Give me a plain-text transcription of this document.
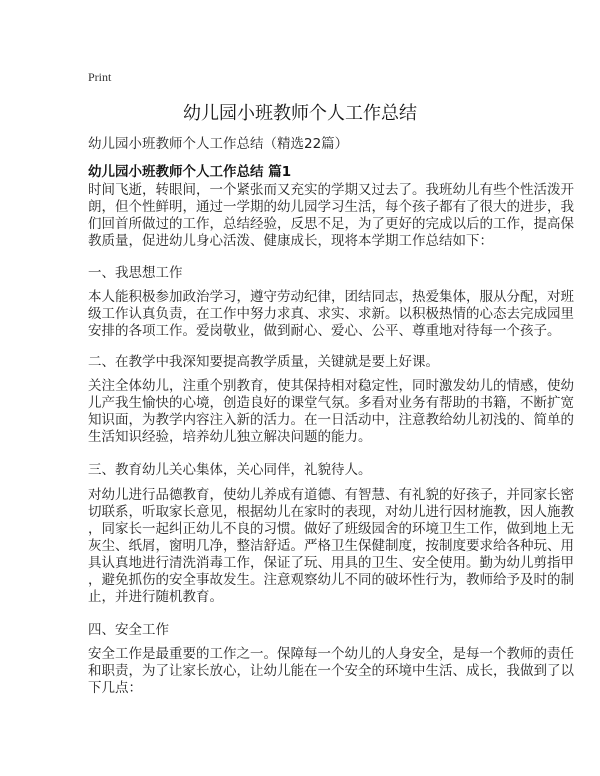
Print
幼儿园小班教师个人工作总结
幼儿园小班教师个人工作总结（精选22篇）
幼儿园小班教师个人工作总结 篇1
时间飞逝，转眼间，一个紧张而又充实的学期又过去了。我班幼儿有些个性活泼开
朗，但个性鲜明，通过一学期的幼儿园学习生活，每个孩子都有了很大的进步，我
们回首所做过的工作，总结经验，反思不足，为了更好的完成以后的工作，提高保
教质量，促进幼儿身心活泼、健康成长，现将本学期工作总结如下：
一、我思想工作
本人能积极参加政治学习，遵守劳动纪律，团结同志，热爱集体，服从分配，对班
级工作认真负责，在工作中努力求真、求实、求新。以积极热情的心态去完成园里
安排的各项工作。爱岗敬业，做到耐心、爱心、公平、尊重地对待每一个孩子。
二、在教学中我深知要提高教学质量，关键就是要上好课。
关注全体幼儿，注重个别教育，使其保持相对稳定性，同时激发幼儿的情感，使幼
儿产我生愉快的心境，创造良好的课堂气氛。多看对业务有帮助的书籍，不断扩宽
知识面，为教学内容注入新的活力。在一日活动中，注意教给幼儿初浅的、简单的
生活知识经验，培养幼儿独立解决问题的能力。
三、教育幼儿关心集体，关心同伴，礼貌待人。
对幼儿进行品德教育，使幼儿养成有道德、有智慧、有礼貌的好孩子，并同家长密
切联系，听取家长意见，根据幼儿在家时的表现，对幼儿进行因材施教，因人施教
，同家长一起纠正幼儿不良的习惯。做好了班级园舍的环境卫生工作，做到地上无
灰尘、纸屑，窗明几净，整洁舒适。严格卫生保健制度，按制度要求给各种玩、用
具认真地进行清洗消毒工作，保证了玩、用具的卫生、安全使用。勤为幼儿剪指甲
，避免抓伤的安全事故发生。注意观察幼儿不同的破坏性行为，教师给予及时的制
止，并进行随机教育。
四、安全工作
安全工作是最重要的工作之一。保障每一个幼儿的人身安全，是每一个教师的责任
和职责，为了让家长放心，让幼儿能在一个安全的环境中生活、成长，我做到了以
下几点：
